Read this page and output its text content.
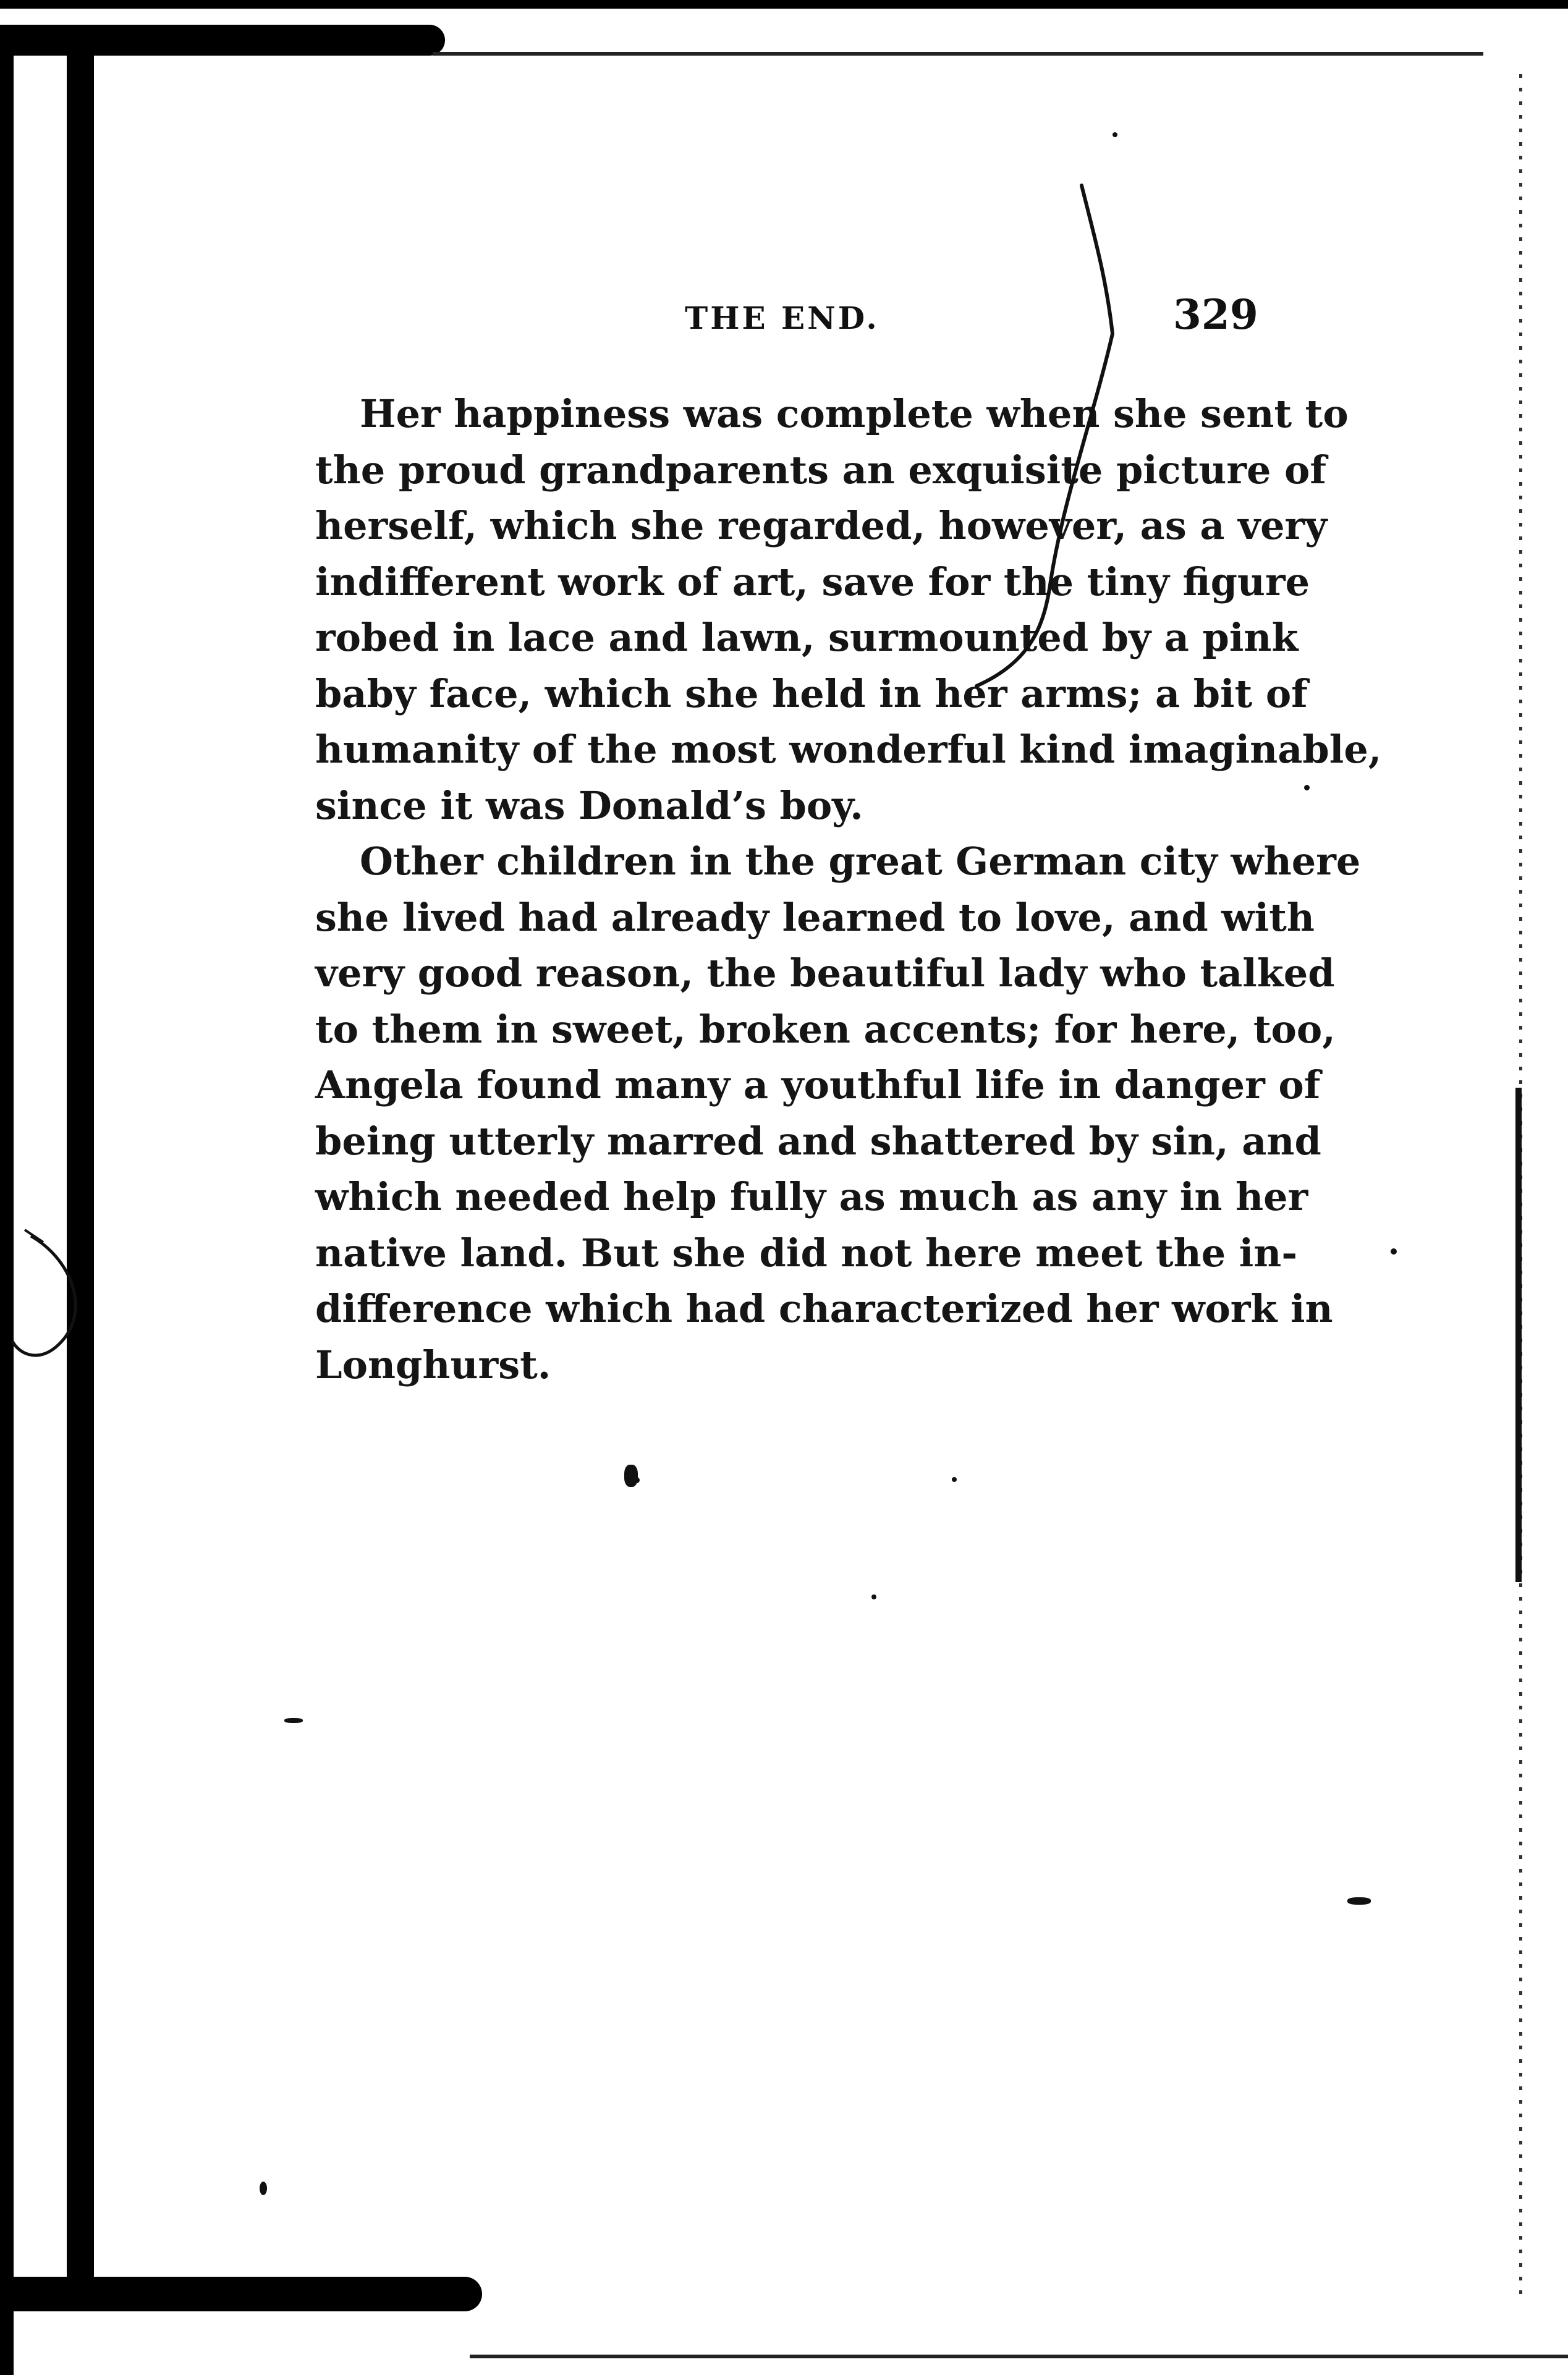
THE END.	329

Her happiness was complete when she sent to
the proud grandparents an exquisite picture of
herself, which she regarded, however, as a very
indifferent work of art, save for the tiny figure
robed in lace and lawn, surmounted by a pink
baby face, which she held in her arms; a bit of
humanity of the most wonderful kind imaginable,
since it was Donald’s boy.

Other children in the great German city where
she lived had already learned to love, and with
very good reason, the beautiful lady who talked
to them in sweet, broken accents; for here, too,
Angela found many a youthful life in danger of
being utterly marred and shattered by sin, and
which needed help fully as much as any in her
native land. But she did not here meet the in-
difference which had characterized her work in
Longhurst.
